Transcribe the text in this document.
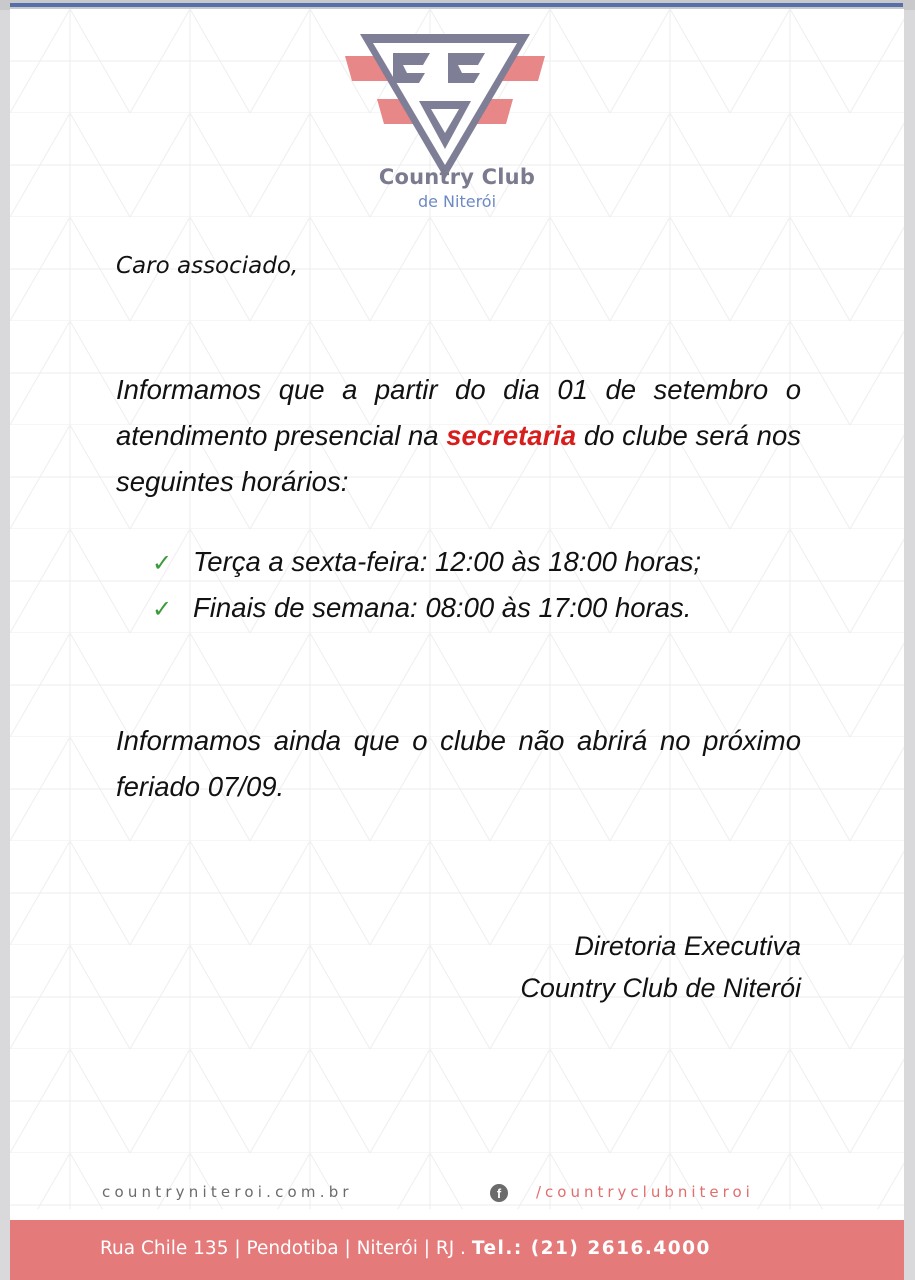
Country Club
de Niterói
Caro associado,
Informamos que a partir do dia 01 de setembro o atendimento presencial na secretaria do clube será nos seguintes horários:
✓ Terça a sexta-feira: 12:00 às 18:00 horas;
✓ Finais de semana: 08:00 às 17:00 horas.
Informamos ainda que o clube não abrirá no próximo feriado 07/09.
Diretoria Executiva
Country Club de Niterói
countryniteroi.com.br	f	/countryclubniteroi
Rua Chile 135 | Pendotiba | Niterói | RJ . Tel.: (21) 2616.4000
